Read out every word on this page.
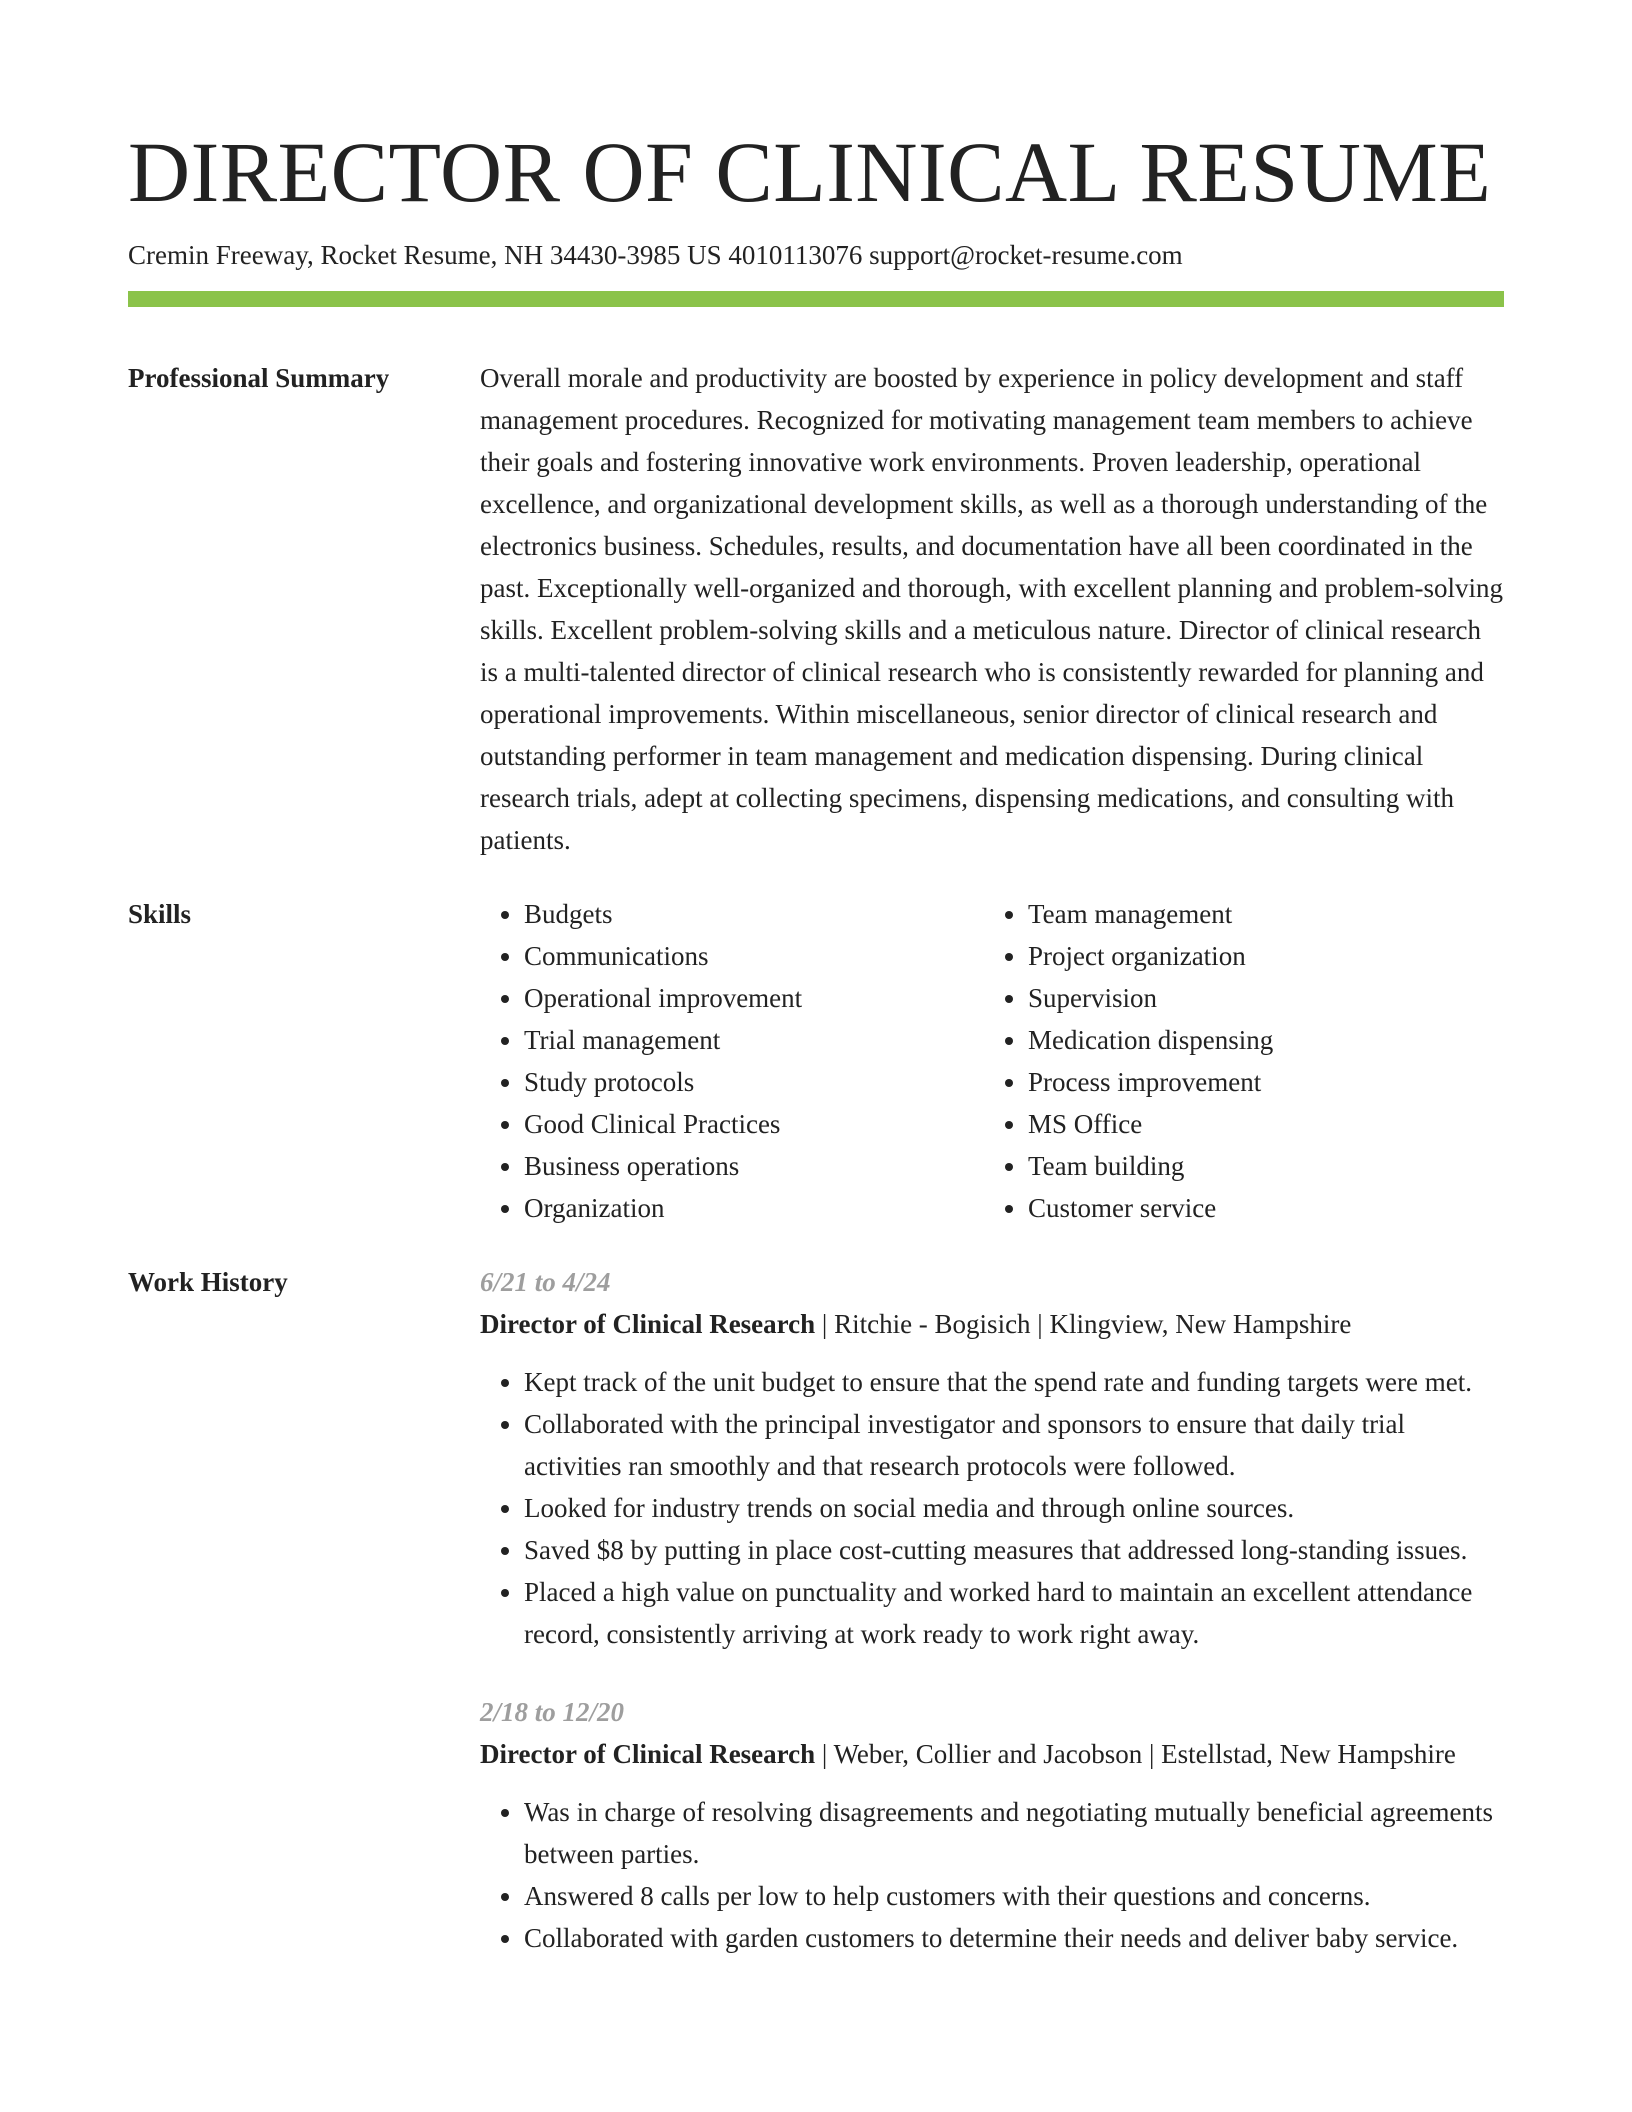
DIRECTOR OF CLINICAL RESUME
Cremin Freeway, Rocket Resume, NH 34430-3985 US 4010113076 support@rocket-resume.com
Professional Summary	Overall morale and productivity are boosted by experience in policy development and staff management procedures. Recognized for motivating management team members to achieve their goals and fostering innovative work environments. Proven leadership, operational excellence, and organizational development skills, as well as a thorough understanding of the electronics business. Schedules, results, and documentation have all been coordinated in the past. Exceptionally well-organized and thorough, with excellent planning and problem-solving skills. Excellent problem-solving skills and a meticulous nature. Director of clinical research is a multi-talented director of clinical research who is consistently rewarded for planning and operational improvements. Within miscellaneous, senior director of clinical research and outstanding performer in team management and medication dispensing. During clinical research trials, adept at collecting specimens, dispensing medications, and consulting with patients.

Skills
•	Budgets
• Communications
• Operational improvement
• Trial management
• Study protocols
• Good Clinical Practices
• Business operations
• Organization
• Team management
• Project organization
• Supervision
• Medication dispensing
• Process improvement
• MS Office
• Team building
• Customer service
Work History	6/21 to 4/24
Director of Clinical Research | Ritchie - Bogisich | Klingview, New Hampshire
• Kept track of the unit budget to ensure that the spend rate and funding targets were met.
• Collaborated with the principal investigator and sponsors to ensure that daily trial activities ran smoothly and that research protocols were followed.
• Looked for industry trends on social media and through online sources.
• Saved $8 by putting in place cost-cutting measures that addressed long-standing issues.
• Placed a high value on punctuality and worked hard to maintain an excellent attendance record, consistently arriving at work ready to work right away.
2/18 to 12/20
Director of Clinical Research | Weber, Collier and Jacobson | Estellstad, New Hampshire
• Was in charge of resolving disagreements and negotiating mutually beneficial agreements between parties.
• Answered 8 calls per low to help customers with their questions and concerns.
• Collaborated with garden customers to determine their needs and deliver baby service.
